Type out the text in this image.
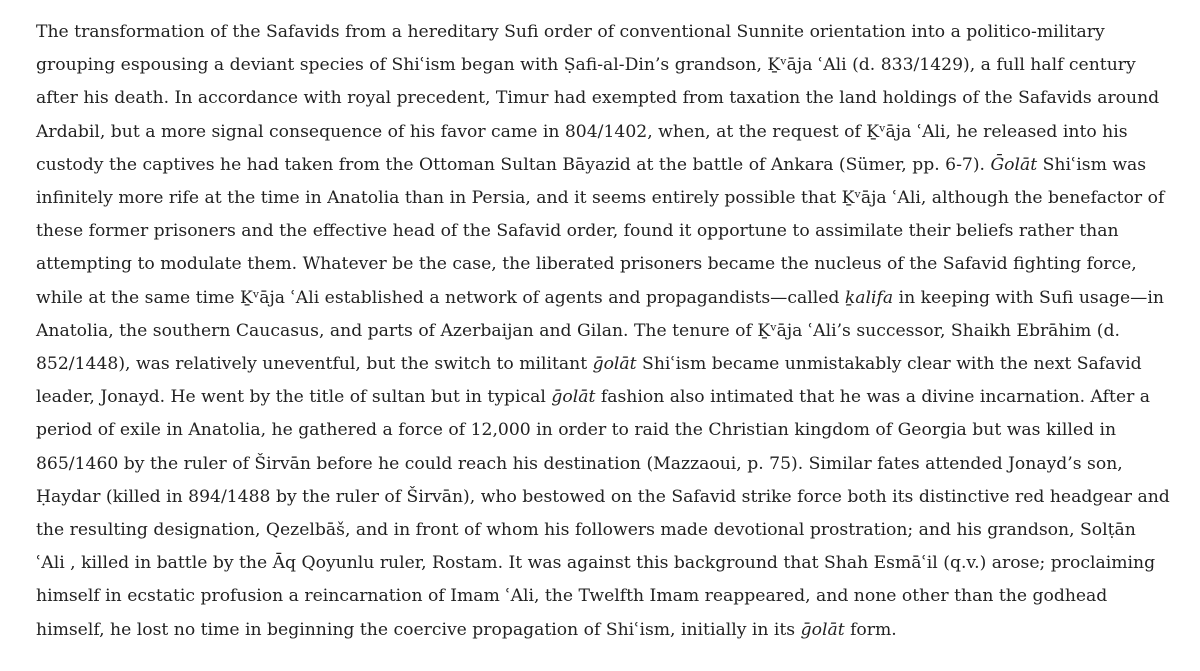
The transformation of the Safavids from a hereditary Sufi order of conventional Sunnite orientation into a politico-military
grouping espousing a deviant species of Shiʿism began with Ṣafi-al-Din’s grandson, Ḵᵛāja ʿAli (d. 833/1429), a full half century
after his death. In accordance with royal precedent, Timur had exempted from taxation the land holdings of the Safavids around
Ardabil, but a more signal consequence of his favor came in 804/1402, when, at the request of Ḵᵛāja ʿAli, he released into his
custody the captives he had taken from the Ottoman Sultan Bāyazid at the battle of Ankara (Sümer, pp. 6-7). Ḡolāt Shiʿism was
infinitely more rife at the time in Anatolia than in Persia, and it seems entirely possible that Ḵᵛāja ʿAli, although the benefactor of
these former prisoners and the effective head of the Safavid order, found it opportune to assimilate their beliefs rather than
attempting to modulate them. Whatever be the case, the liberated prisoners became the nucleus of the Safavid fighting force,
while at the same time Ḵᵛāja ʿAli established a network of agents and propagandists—called ḵalifa in keeping with Sufi usage—in
Anatolia, the southern Caucasus, and parts of Azerbaijan and Gilan. The tenure of Ḵᵛāja ʿAli’s successor, Shaikh Ebrāhim (d.
852/1448), was relatively uneventful, but the switch to militant ḡolāt Shiʿism became unmistakably clear with the next Safavid
leader, Jonayd. He went by the title of sultan but in typical ḡolāt fashion also intimated that he was a divine incarnation. After a
period of exile in Anatolia, he gathered a force of 12,000 in order to raid the Christian kingdom of Georgia but was killed in
865/1460 by the ruler of Širvān before he could reach his destination (Mazzaoui, p. 75). Similar fates attended Jonayd’s son,
Ḥaydar (killed in 894/1488 by the ruler of Širvān), who bestowed on the Safavid strike force both its distinctive red headgear and
the resulting designation, Qezelbāš, and in front of whom his followers made devotional prostration; and his grandson, Solṭān
ʿAli , killed in battle by the Āq Qoyunlu ruler, Rostam. It was against this background that Shah Esmāʿil (q.v.) arose; proclaiming
himself in ecstatic profusion a reincarnation of Imam ʿAli, the Twelfth Imam reappeared, and none other than the godhead
himself, he lost no time in beginning the coercive propagation of Shiʿism, initially in its ḡolāt form.
